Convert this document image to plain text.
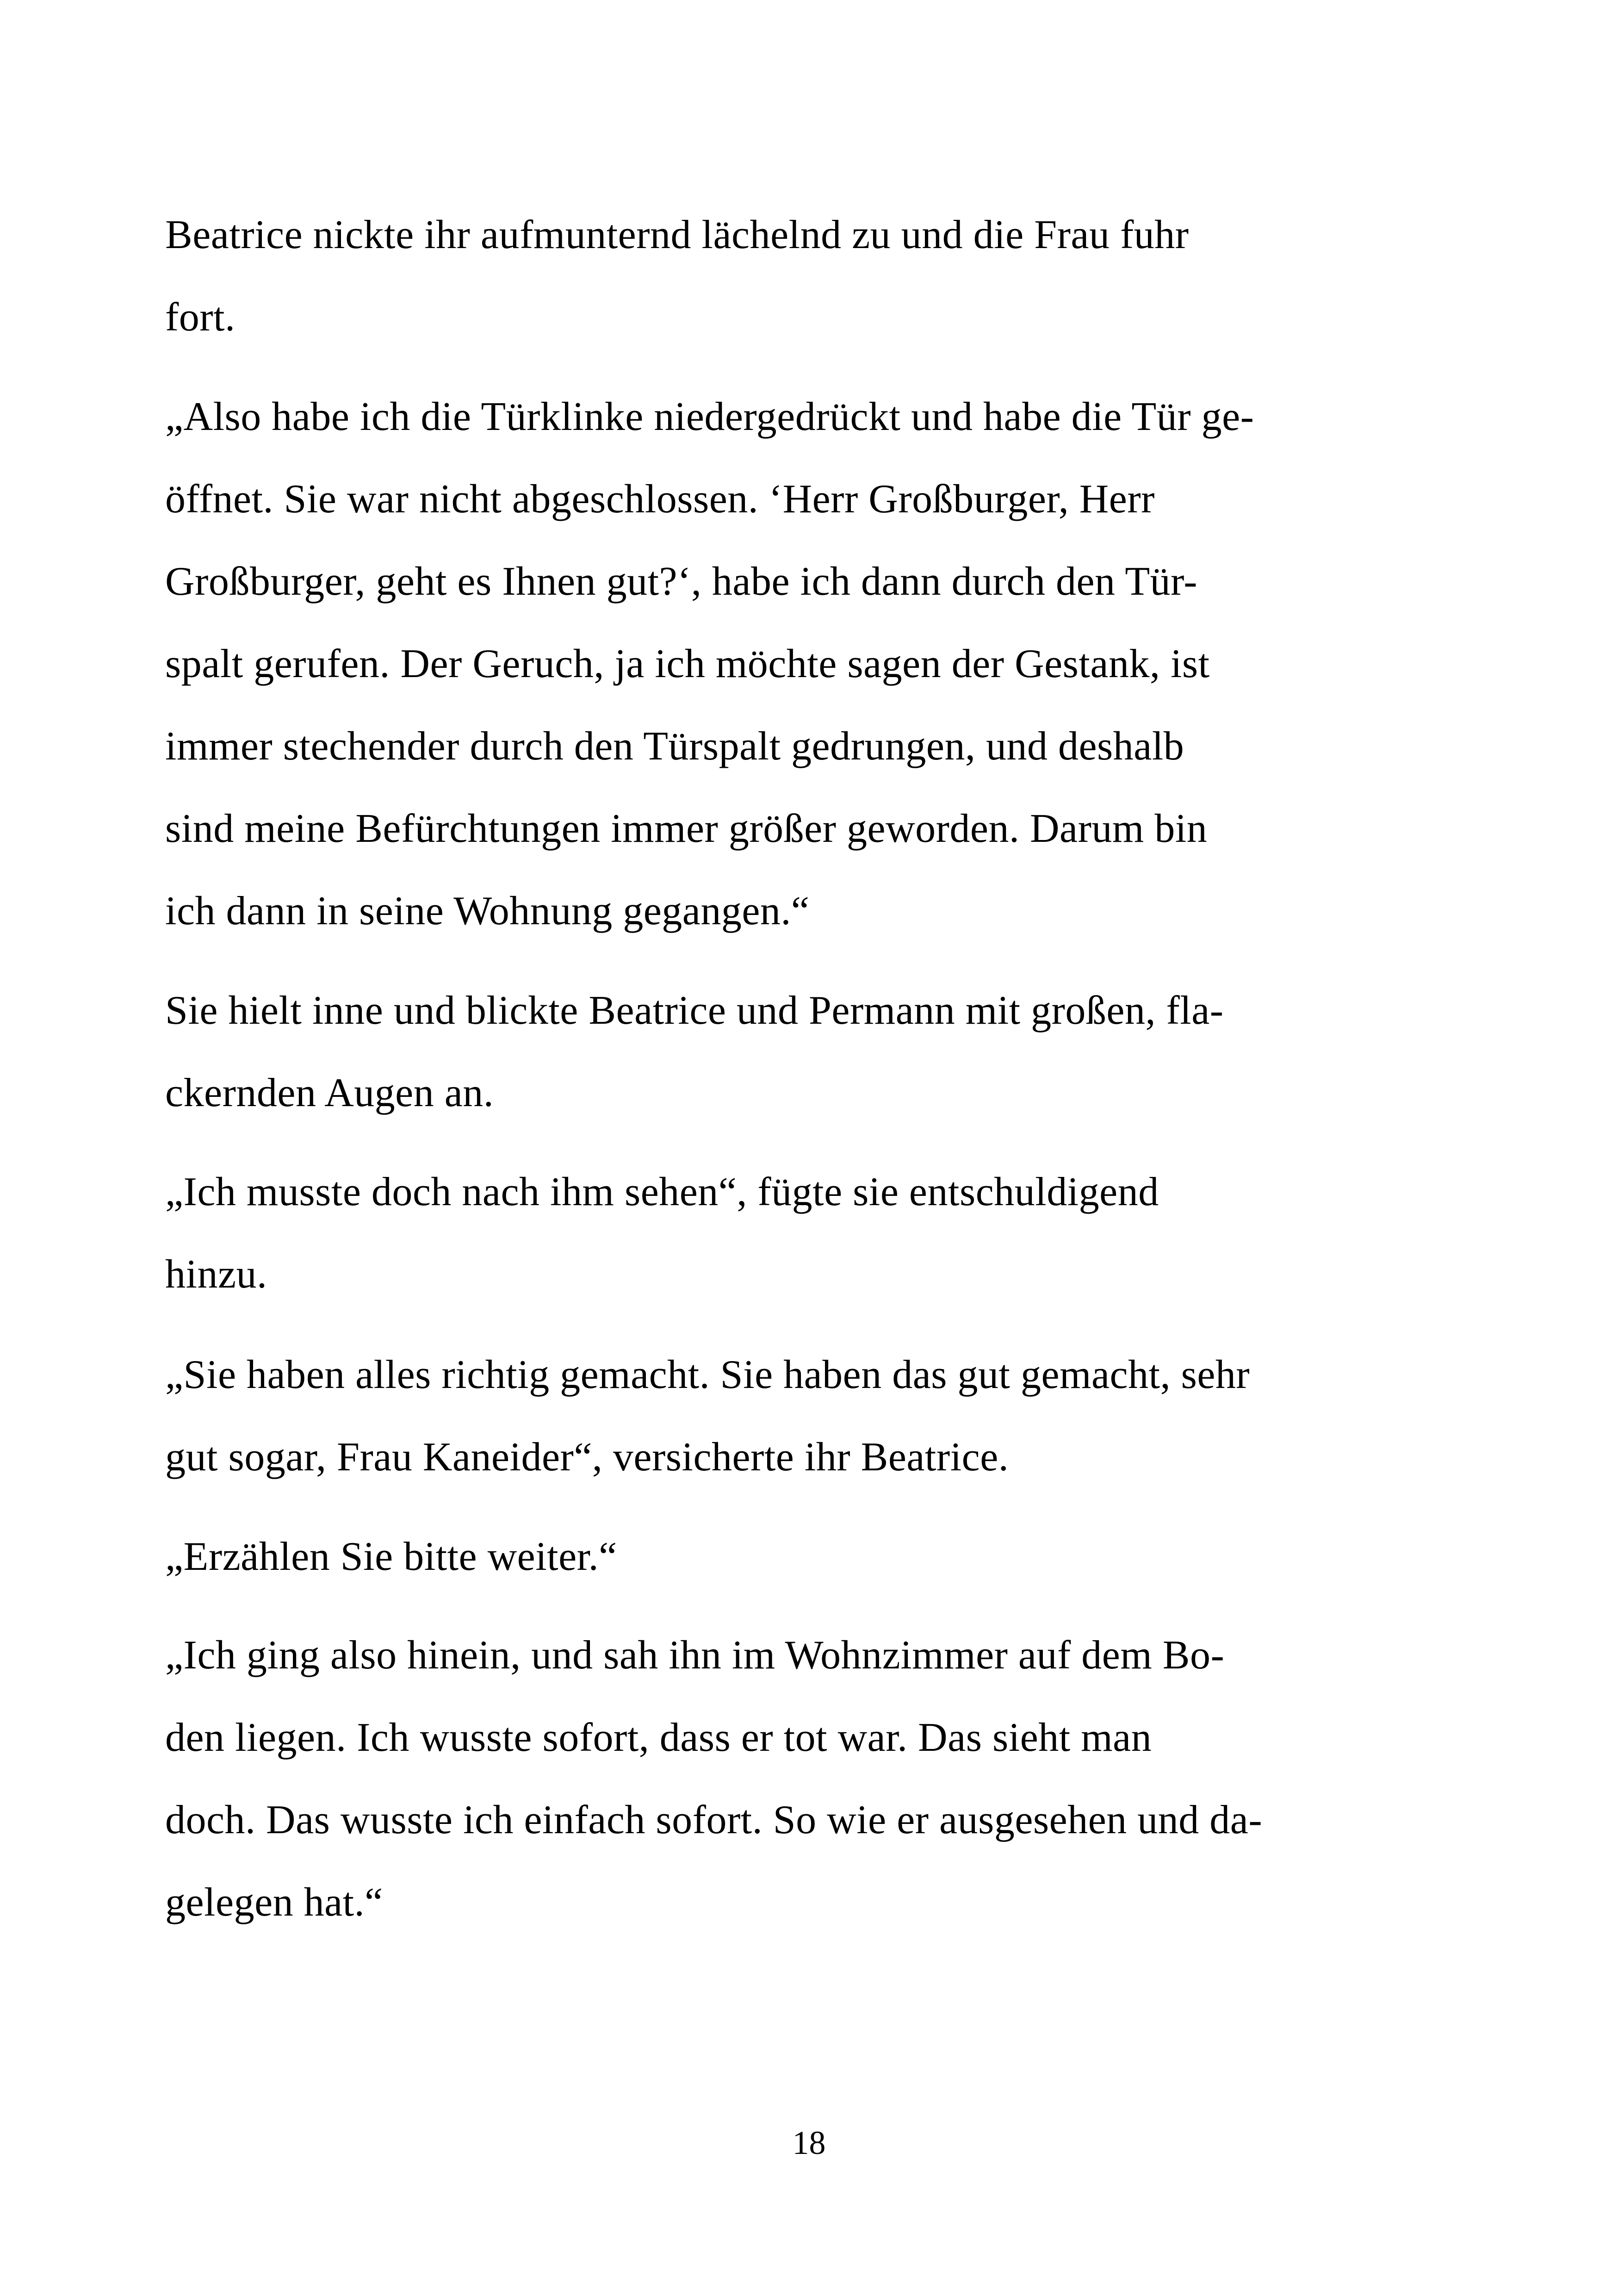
Beatrice nickte ihr aufmunternd lächelnd zu und die Frau fuhr
fort.
„Also habe ich die Türklinke niedergedrückt und habe die Tür ge-
öffnet. Sie war nicht abgeschlossen. ‘Herr Großburger, Herr
Großburger, geht es Ihnen gut?‘, habe ich dann durch den Tür-
spalt gerufen. Der Geruch, ja ich möchte sagen der Gestank, ist
immer stechender durch den Türspalt gedrungen, und deshalb
sind meine Befürchtungen immer größer geworden. Darum bin
ich dann in seine Wohnung gegangen.“
Sie hielt inne und blickte Beatrice und Permann mit großen, fla-
ckernden Augen an.
„Ich musste doch nach ihm sehen“, fügte sie entschuldigend
hinzu.
„Sie haben alles richtig gemacht. Sie haben das gut gemacht, sehr
gut sogar, Frau Kaneider“, versicherte ihr Beatrice.
„Erzählen Sie bitte weiter.“
„Ich ging also hinein, und sah ihn im Wohnzimmer auf dem Bo-
den liegen. Ich wusste sofort, dass er tot war. Das sieht man
doch. Das wusste ich einfach sofort. So wie er ausgesehen und da-
gelegen hat.“
18
